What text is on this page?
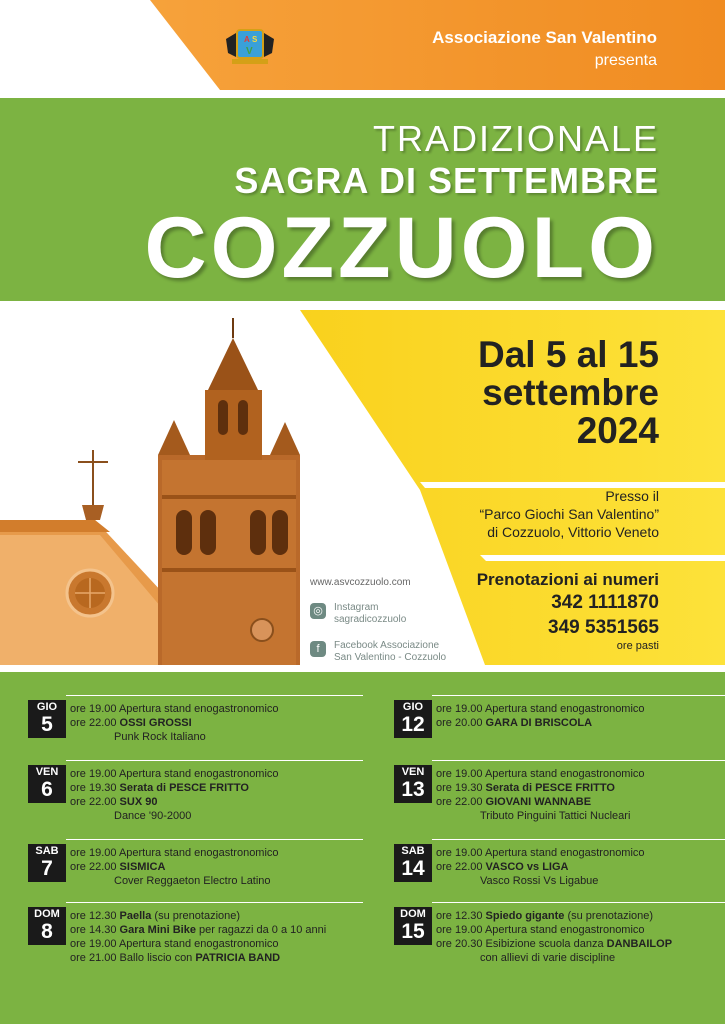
A S
V
Associazione San Valentino
presenta
TRADIZIONALE
SAGRA DI SETTEMBRE
COZZUOLO
Dal 5 al 15
settembre
2024
Presso il
“Parco Giochi San Valentino”
di Cozzuolo, Vittorio Veneto
Prenotazioni ai numeri
342 1111870
349 5351565
ore pasti
www.asvcozzuolo.com
◎	Instagram
sagradicozzuolo
f	Facebook Associazione
San Valentino - Cozzuolo
GIO
5
ore 19.00 Apertura stand enogastronomico
ore 22.00 OSSI GROSSI
Punk Rock Italiano
VEN
6
ore 19.00 Apertura stand enogastronomico
ore 19.30 Serata di PESCE FRITTO
ore 22.00 SUX 90
Dance '90-2000
SAB
7
ore 19.00 Apertura stand enogastronomico
ore 22.00 SISMICA
Cover Reggaeton Electro Latino
DOM
8
ore 12.30 Paella (su prenotazione)
ore 14.30 Gara Mini Bike per ragazzi da 0 a 10 anni
ore 19.00 Apertura stand enogastronomico
ore 21.00 Ballo liscio con PATRICIA BAND
GIO
12
ore 19.00 Apertura stand enogastronomico
ore 20.00 GARA DI BRISCOLA
VEN
13
ore 19.00 Apertura stand enogastronomico
ore 19.30 Serata di PESCE FRITTO
ore 22.00 GIOVANI WANNABE
Tributo Pinguini Tattici Nucleari
SAB
14
ore 19.00 Apertura stand enogastronomico
ore 22.00 VASCO vs LIGA
Vasco Rossi Vs Ligabue
DOM
15
ore 12.30 Spiedo gigante (su prenotazione)
ore 19.00 Apertura stand enogastronomico
ore 20.30 Esibizione scuola danza DANBAILOP
con allievi di varie discipline
